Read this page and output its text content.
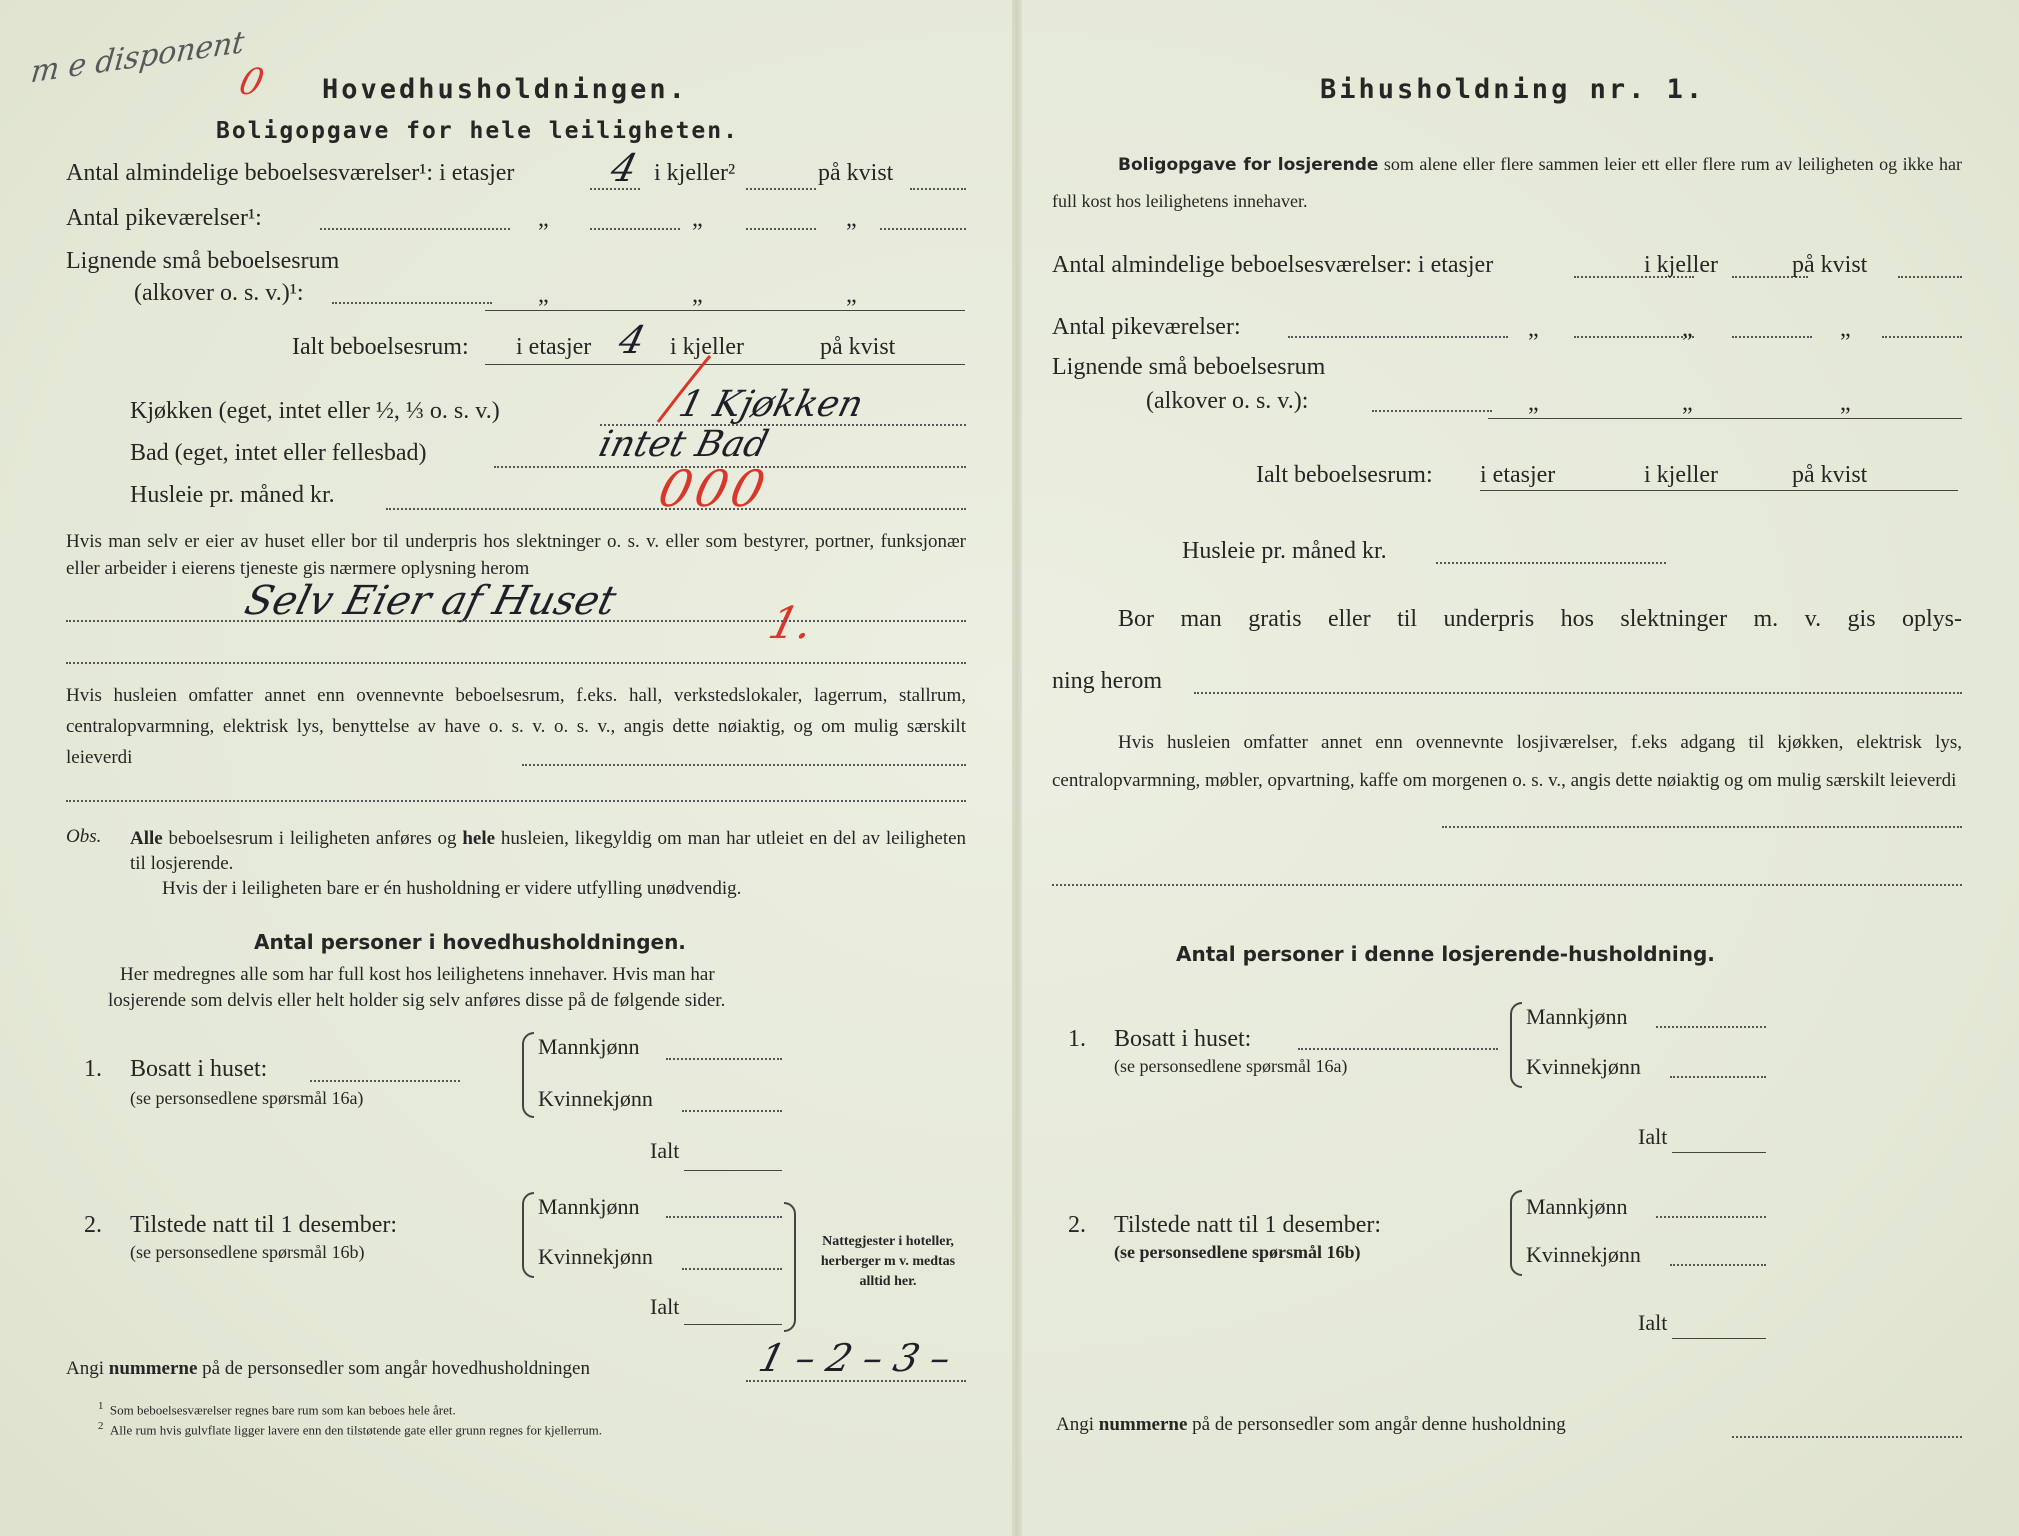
m e disponent
0 Hovedhusholdningen.
Boligopgave for hele leiligheten.
Antal almindelige beboelsesværelser¹: i etasjer 4 i kjeller²	på kvist
Antal pikeværelser¹:	„	„	„
Lignende små beboelsesrum
(alkover o. s. v.)¹:	„	„	„
Ialt beboelsesrum: i etasjer 4 i kjeller	på kvist
Kjøkken (eget, intet eller ½, ⅓ o. s. v.)	1 Kjøkken
Bad (eget, intet eller fellesbad)	intet Bad
Husleie pr. måned kr.	000
Hvis man selv er eier av huset eller bor til underpris hos slektninger o. s. v. eller som bestyrer, portner, funksjonær eller arbeider i eierens tjeneste gis nærmere oplysning herom
Selv Eier af Huset	1.
Hvis husleien omfatter annet enn ovennevnte beboelsesrum, f.eks. hall, verkstedslokaler, lagerrum, stallrum, centralopvarmning, elektrisk lys, benyttelse av have o. s. v. o. s. v., angis dette nøiaktig, og om mulig særskilt leieverdi
Obs. Alle beboelsesrum i leiligheten anføres og hele husleien, likegyldig om man har utleiet en del av leiligheten til losjerende.
Hvis der i leiligheten bare er én husholdning er videre utfylling unødvendig.
Antal personer i hovedhusholdningen.
Her medregnes alle som har full kost hos leilighetens innehaver. Hvis man har
losjerende som delvis eller helt holder sig selv anføres disse på de følgende sider.
1. Bosatt i huset:
(se personsedlene spørsmål 16a)
Mannkjønn
Kvinnekjønn
Ialt
2. Tilstede natt til 1 desember:
(se personsedlene spørsmål 16b)
Mannkjønn
Kvinnekjønn
Ialt
Nattegjester i hoteller, herberger m v. medtas alltid her.
Angi nummerne på de personsedler som angår hovedhusholdningen	1 – 2 – 3 –
$^1$ Som beboelsesværelser regnes bare rum som kan beboes hele året.
$^2$ Alle rum hvis gulvflate ligger lavere enn den tilstøtende gate eller grunn regnes for kjellerrum.
Bihusholdning nr. 1.
Boligopgave for losjerende som alene eller flere sammen leier ett eller flere rum av leiligheten og ikke har full kost hos leilighetens innehaver.
Antal almindelige beboelsesværelser: i etasjer	i kjeller	på kvist
Antal pikeværelser:	„	„	„
Lignende små beboelsesrum
(alkover o. s. v.):	„	„	„
Ialt beboelsesrum: i etasjer	i kjeller	på kvist
Husleie pr. måned kr.
Bor man gratis eller til underpris hos slektninger m. v. gis oplys-
ning herom
Hvis husleien omfatter annet enn ovennevnte losjiværelser, f.eks adgang til kjøkken, elektrisk lys, centralopvarmning, møbler, opvartning, kaffe om morgenen o. s. v., angis dette nøiaktig og om mulig særskilt leieverdi
Antal personer i denne losjerende-husholdning.
1. Bosatt i huset:
(se personsedlene spørsmål 16a)
Mannkjønn
Kvinnekjønn
Ialt
2. Tilstede natt til 1 desember:
(se personsedlene spørsmål 16b)
Mannkjønn
Kvinnekjønn
Ialt
Angi nummerne på de personsedler som angår denne husholdning
